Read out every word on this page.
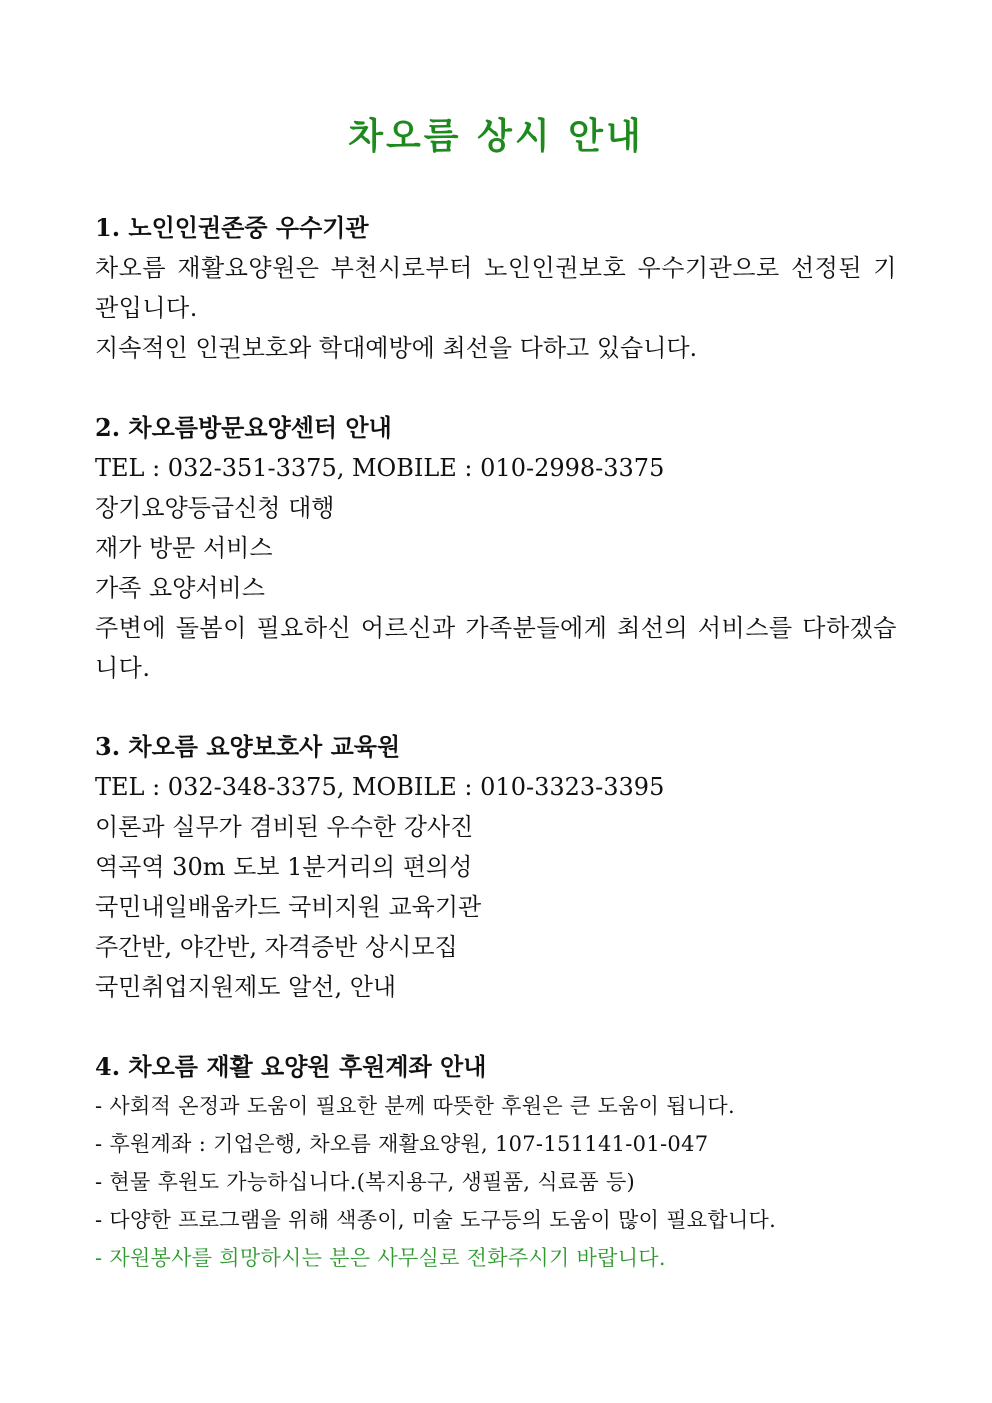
차오름 상시 안내

1. 노인인권존중 우수기관

차오름 재활요양원은 부천시로부터 노인인권보호 우수기관으로 선정된 기관입니다.

지속적인 인권보호와 학대예방에 최선을 다하고 있습니다.

2. 차오름방문요양센터 안내

TEL : 032-351-3375, MOBILE : 010-2998-3375

장기요양등급신청 대행

재가 방문 서비스

가족 요양서비스

주변에 돌봄이 필요하신 어르신과 가족분들에게 최선의 서비스를 다하겠습니다.

3. 차오름 요양보호사 교육원

TEL : 032-348-3375, MOBILE : 010-3323-3395

이론과 실무가 겸비된 우수한 강사진

역곡역 30m 도보 1분거리의 편의성

국민내일배움카드 국비지원 교육기관

주간반, 야간반, 자격증반 상시모집

국민취업지원제도 알선, 안내

4. 차오름 재활 요양원 후원계좌 안내

- 사회적 온정과 도움이 필요한 분께 따뜻한 후원은 큰 도움이 됩니다.

- 후원계좌 : 기업은행, 차오름 재활요양원, 107-151141-01-047

- 현물 후원도 가능하십니다.(복지용구, 생필품, 식료품 등)

- 다양한 프로그램을 위해 색종이, 미술 도구등의 도움이 많이 필요합니다.

- 자원봉사를 희망하시는 분은 사무실로 전화주시기 바랍니다.
